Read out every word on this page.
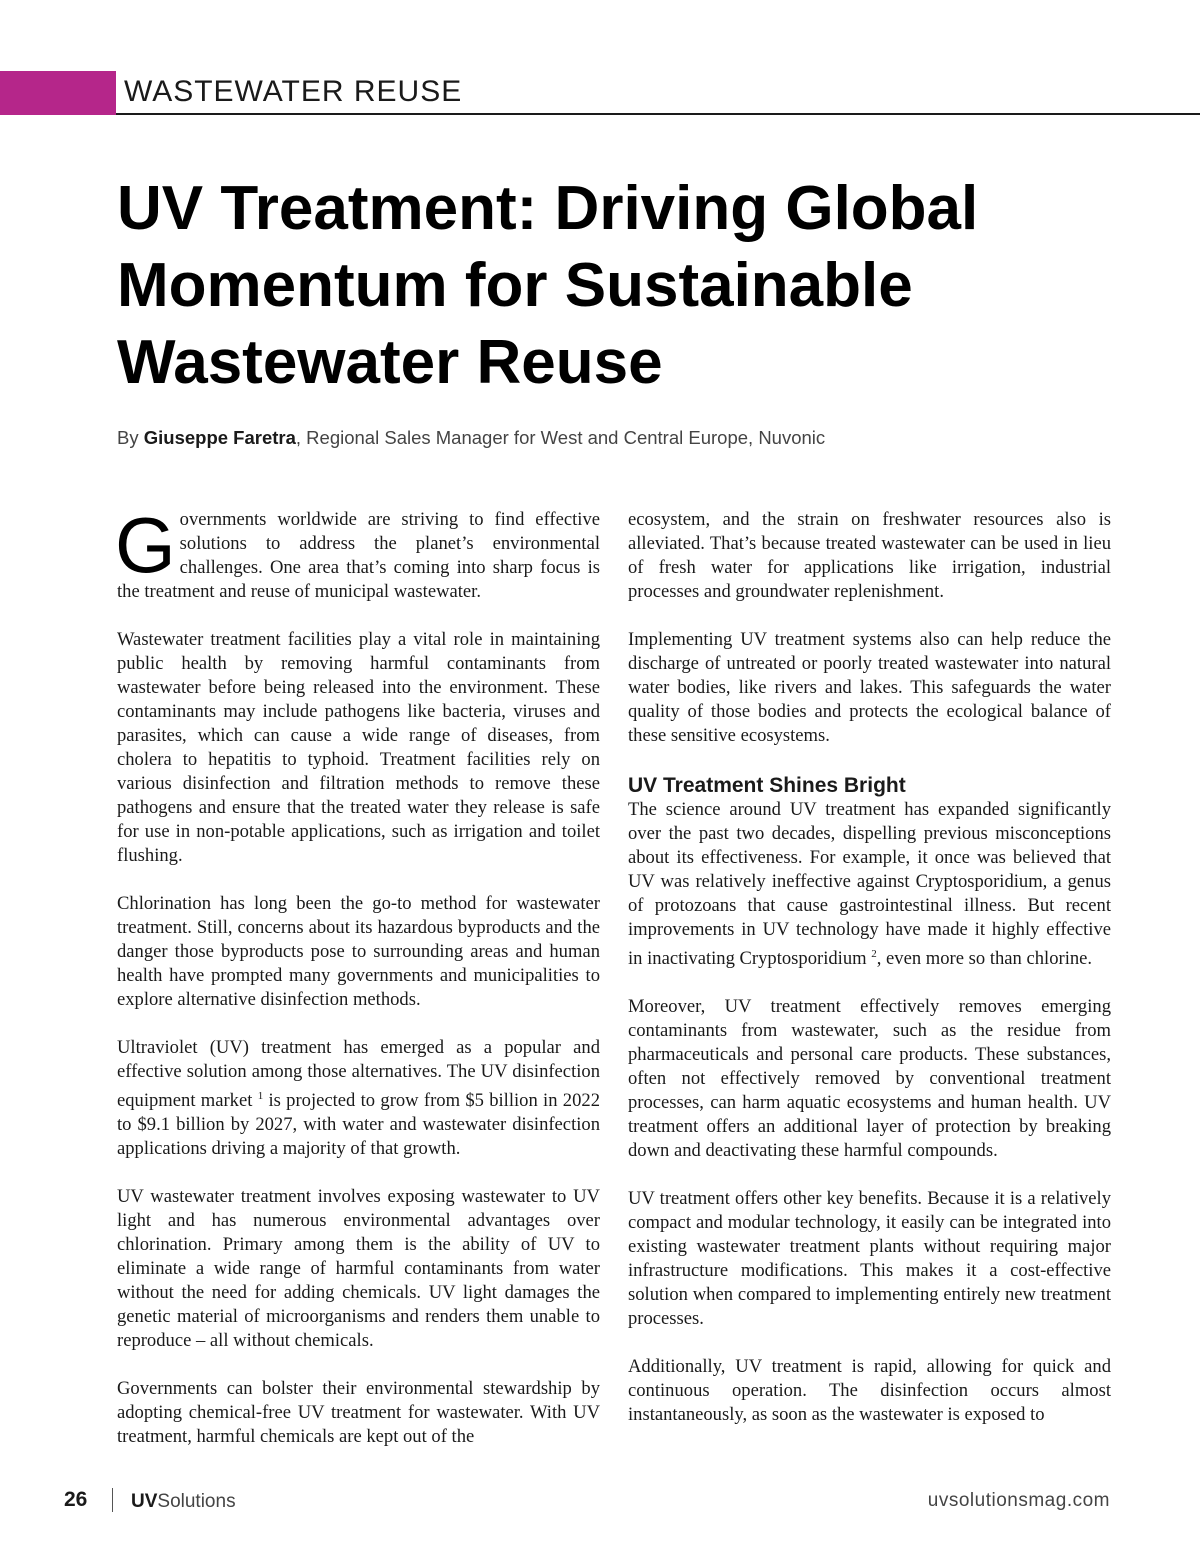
WASTEWATER REUSE
UV Treatment: Driving Global
Momentum for Sustainable
Wastewater Reuse
By Giuseppe Faretra, Regional Sales Manager for West and Central Europe, Nuvonic

Governments worldwide are striving to find effective solutions to address the planet’s environmental challenges. One area that’s coming into sharp focus is the treatment and reuse of municipal wastewater.

Wastewater treatment facilities play a vital role in maintaining public health by removing harmful contaminants from wastewater before being released into the environment. These contaminants may include pathogens like bacteria, viruses and parasites, which can cause a wide range of diseases, from cholera to hepatitis to typhoid. Treatment facilities rely on various disinfection and filtration methods to remove these pathogens and ensure that the treated water they release is safe for use in non-potable applications, such as irrigation and toilet flushing.

Chlorination has long been the go-to method for wastewater treatment. Still, concerns about its hazardous byproducts and the danger those byproducts pose to surrounding areas and human health have prompted many governments and municipalities to explore alternative disinfection methods.

Ultraviolet (UV) treatment has emerged as a popular and effective solution among those alternatives. The UV disinfection equipment market $^1$ is projected to grow from $5 billion in 2022 to $9.1 billion by 2027, with water and wastewater disinfection applications driving a majority of that growth.

UV wastewater treatment involves exposing wastewater to UV light and has numerous environmental advantages over chlorination. Primary among them is the ability of UV to eliminate a wide range of harmful contaminants from water without the need for adding chemicals. UV light damages the genetic material of microorganisms and renders them unable to reproduce – all without chemicals.

Governments can bolster their environmental stewardship by adopting chemical-free UV treatment for wastewater. With UV treatment, harmful chemicals are kept out of the

ecosystem, and the strain on freshwater resources also is alleviated. That’s because treated wastewater can be used in lieu of fresh water for applications like irrigation, industrial processes and groundwater replenishment.

Implementing UV treatment systems also can help reduce the discharge of untreated or poorly treated wastewater into natural water bodies, like rivers and lakes. This safeguards the water quality of those bodies and protects the ecological balance of these sensitive ecosystems.

UV Treatment Shines Bright

The science around UV treatment has expanded significantly over the past two decades, dispelling previous misconceptions about its effectiveness. For example, it once was believed that UV was relatively ineffective against Cryptosporidium, a genus of protozoans that cause gastrointestinal illness. But recent improvements in UV technology have made it highly effective in inactivating Cryptosporidium $^2$, even more so than chlorine.

Moreover, UV treatment effectively removes emerging contaminants from wastewater, such as the residue from pharmaceuticals and personal care products. These substances, often not effectively removed by conventional treatment processes, can harm aquatic ecosystems and human health. UV treatment offers an additional layer of protection by breaking down and deactivating these harmful compounds.

UV treatment offers other key benefits. Because it is a relatively compact and modular technology, it easily can be integrated into existing wastewater treatment plants without requiring major infrastructure modifications. This makes it a cost-effective solution when compared to implementing entirely new treatment processes.

Additionally, UV treatment is rapid, allowing for quick and continuous operation. The disinfection occurs almost instantaneously, as soon as the wastewater is exposed to

26 UVSolutions	uvsolutionsmag.com
